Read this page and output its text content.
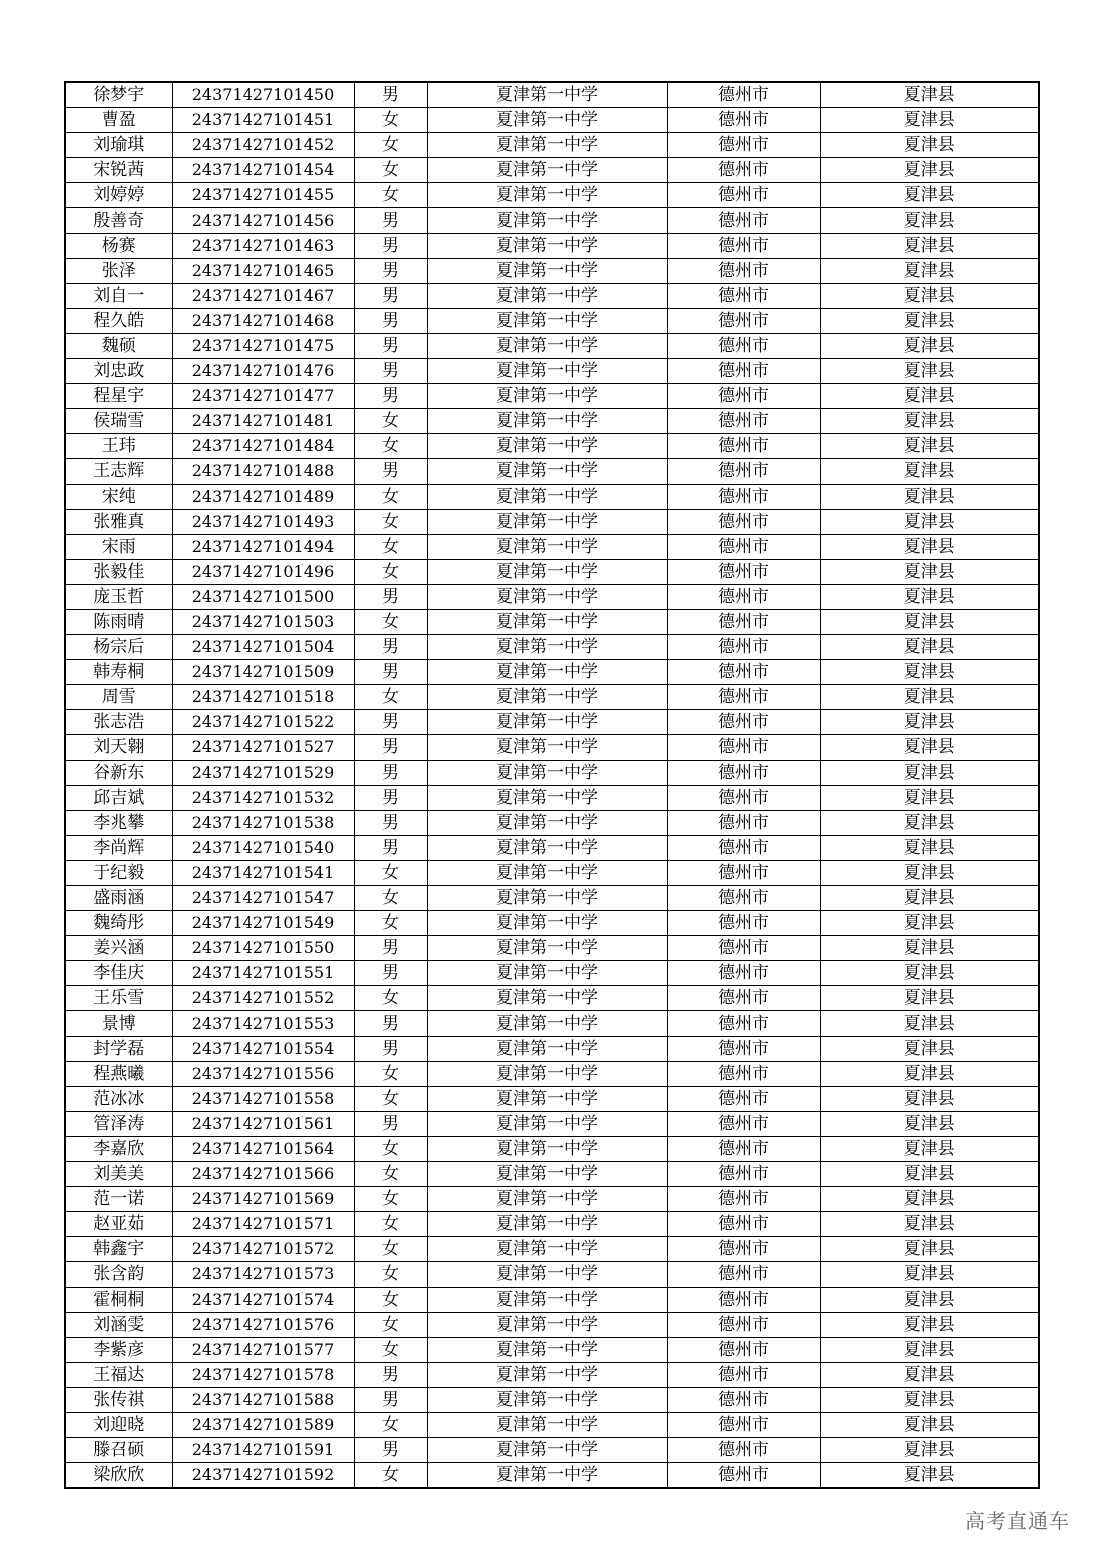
徐梦宇	24371427101450	男	夏津第一中学	德州市	夏津县
曹盈	24371427101451	女	夏津第一中学	德州市	夏津县
刘瑜琪	24371427101452	女	夏津第一中学	德州市	夏津县
宋锐茜	24371427101454	女	夏津第一中学	德州市	夏津县
刘婷婷	24371427101455	女	夏津第一中学	德州市	夏津县
殷善奇	24371427101456	男	夏津第一中学	德州市	夏津县
杨赛	24371427101463	男	夏津第一中学	德州市	夏津县
张泽	24371427101465	男	夏津第一中学	德州市	夏津县
刘自一	24371427101467	男	夏津第一中学	德州市	夏津县
程久皓	24371427101468	男	夏津第一中学	德州市	夏津县
魏硕	24371427101475	男	夏津第一中学	德州市	夏津县
刘忠政	24371427101476	男	夏津第一中学	德州市	夏津县
程星宇	24371427101477	男	夏津第一中学	德州市	夏津县
侯瑞雪	24371427101481	女	夏津第一中学	德州市	夏津县
王玮	24371427101484	女	夏津第一中学	德州市	夏津县
王志辉	24371427101488	男	夏津第一中学	德州市	夏津县
宋纯	24371427101489	女	夏津第一中学	德州市	夏津县
张雅真	24371427101493	女	夏津第一中学	德州市	夏津县
宋雨	24371427101494	女	夏津第一中学	德州市	夏津县
张毅佳	24371427101496	女	夏津第一中学	德州市	夏津县
庞玉哲	24371427101500	男	夏津第一中学	德州市	夏津县
陈雨晴	24371427101503	女	夏津第一中学	德州市	夏津县
杨宗后	24371427101504	男	夏津第一中学	德州市	夏津县
韩寿桐	24371427101509	男	夏津第一中学	德州市	夏津县
周雪	24371427101518	女	夏津第一中学	德州市	夏津县
张志浩	24371427101522	男	夏津第一中学	德州市	夏津县
刘天翱	24371427101527	男	夏津第一中学	德州市	夏津县
谷新东	24371427101529	男	夏津第一中学	德州市	夏津县
邱吉斌	24371427101532	男	夏津第一中学	德州市	夏津县
李兆攀	24371427101538	男	夏津第一中学	德州市	夏津县
李尚辉	24371427101540	男	夏津第一中学	德州市	夏津县
于纪毅	24371427101541	女	夏津第一中学	德州市	夏津县
盛雨涵	24371427101547	女	夏津第一中学	德州市	夏津县
魏绮彤	24371427101549	女	夏津第一中学	德州市	夏津县
姜兴涵	24371427101550	男	夏津第一中学	德州市	夏津县
李佳庆	24371427101551	男	夏津第一中学	德州市	夏津县
王乐雪	24371427101552	女	夏津第一中学	德州市	夏津县
景博	24371427101553	男	夏津第一中学	德州市	夏津县
封学磊	24371427101554	男	夏津第一中学	德州市	夏津县
程燕曦	24371427101556	女	夏津第一中学	德州市	夏津县
范冰冰	24371427101558	女	夏津第一中学	德州市	夏津县
管泽涛	24371427101561	男	夏津第一中学	德州市	夏津县
李嘉欣	24371427101564	女	夏津第一中学	德州市	夏津县
刘美美	24371427101566	女	夏津第一中学	德州市	夏津县
范一诺	24371427101569	女	夏津第一中学	德州市	夏津县
赵亚茹	24371427101571	女	夏津第一中学	德州市	夏津县
韩鑫宇	24371427101572	女	夏津第一中学	德州市	夏津县
张含韵	24371427101573	女	夏津第一中学	德州市	夏津县
霍桐桐	24371427101574	女	夏津第一中学	德州市	夏津县
刘涵雯	24371427101576	女	夏津第一中学	德州市	夏津县
李紫彦	24371427101577	女	夏津第一中学	德州市	夏津县
王福达	24371427101578	男	夏津第一中学	德州市	夏津县
张传祺	24371427101588	男	夏津第一中学	德州市	夏津县
刘迎晓	24371427101589	女	夏津第一中学	德州市	夏津县
滕召硕	24371427101591	男	夏津第一中学	德州市	夏津县
梁欣欣	24371427101592	女	夏津第一中学	德州市	夏津县
高考直通车
